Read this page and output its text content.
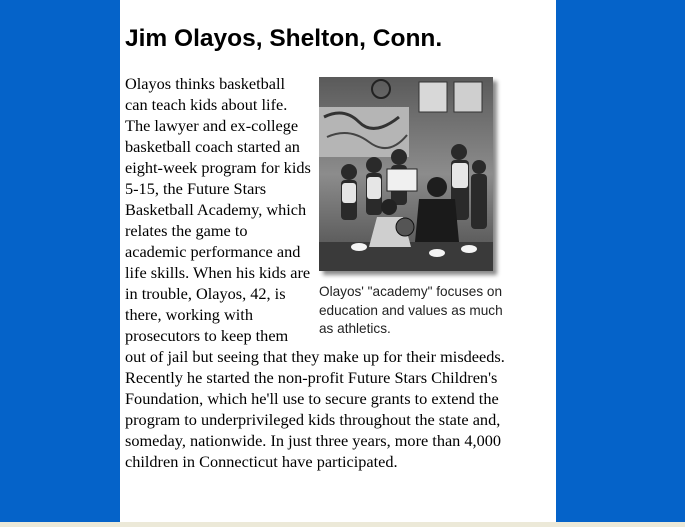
Jim Olayos, Shelton, Conn.
Olayos' "academy" focuses on education and values as much as athletics.
Olayos thinks basketball can teach kids about life. The lawyer and ex-college basketball coach started an eight-week program for kids 5-15, the Future Stars Basketball Academy, which relates the game to academic performance and life skills. When his kids are in trouble, Olayos, 42, is there, working with prosecutors to keep them out of jail but seeing that they make up for their misdeeds. Recently he started the non-profit Future Stars Children's Foundation, which he'll use to secure grants to extend the program to underprivileged kids throughout the state and, someday, nationwide. In just three years, more than 4,000 children in Connecticut have participated.
